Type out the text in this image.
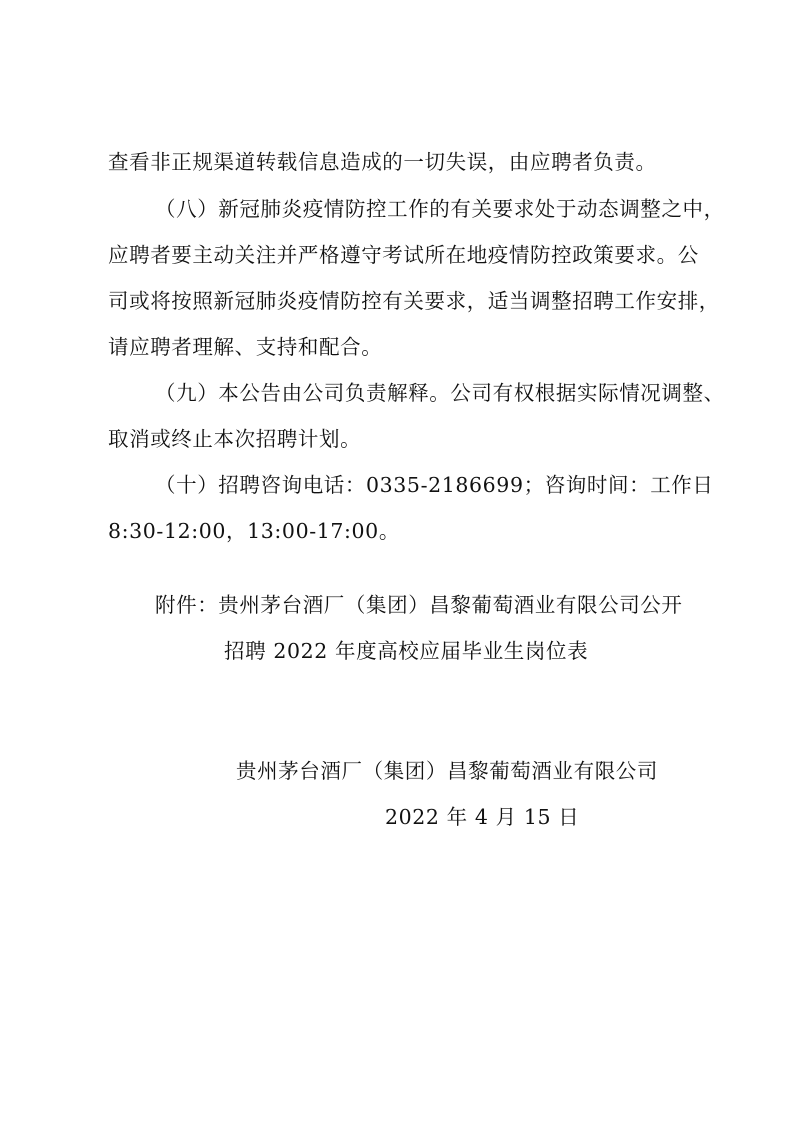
查看非正规渠道转载信息造成的一切失误，由应聘者负责。
（八）新冠肺炎疫情防控工作的有关要求处于动态调整之中，
应聘者要主动关注并严格遵守考试所在地疫情防控政策要求。公
司或将按照新冠肺炎疫情防控有关要求，适当调整招聘工作安排，
请应聘者理解、支持和配合。
（九）本公告由公司负责解释。公司有权根据实际情况调整、
取消或终止本次招聘计划。
（十）招聘咨询电话：0335-2186699；咨询时间：工作日
8:30-12:00，13:00-17:00。
附件：贵州茅台酒厂（集团）昌黎葡萄酒业有限公司公开
招聘 2022 年度高校应届毕业生岗位表
贵州茅台酒厂（集团）昌黎葡萄酒业有限公司
2022 年 4 月 15 日
